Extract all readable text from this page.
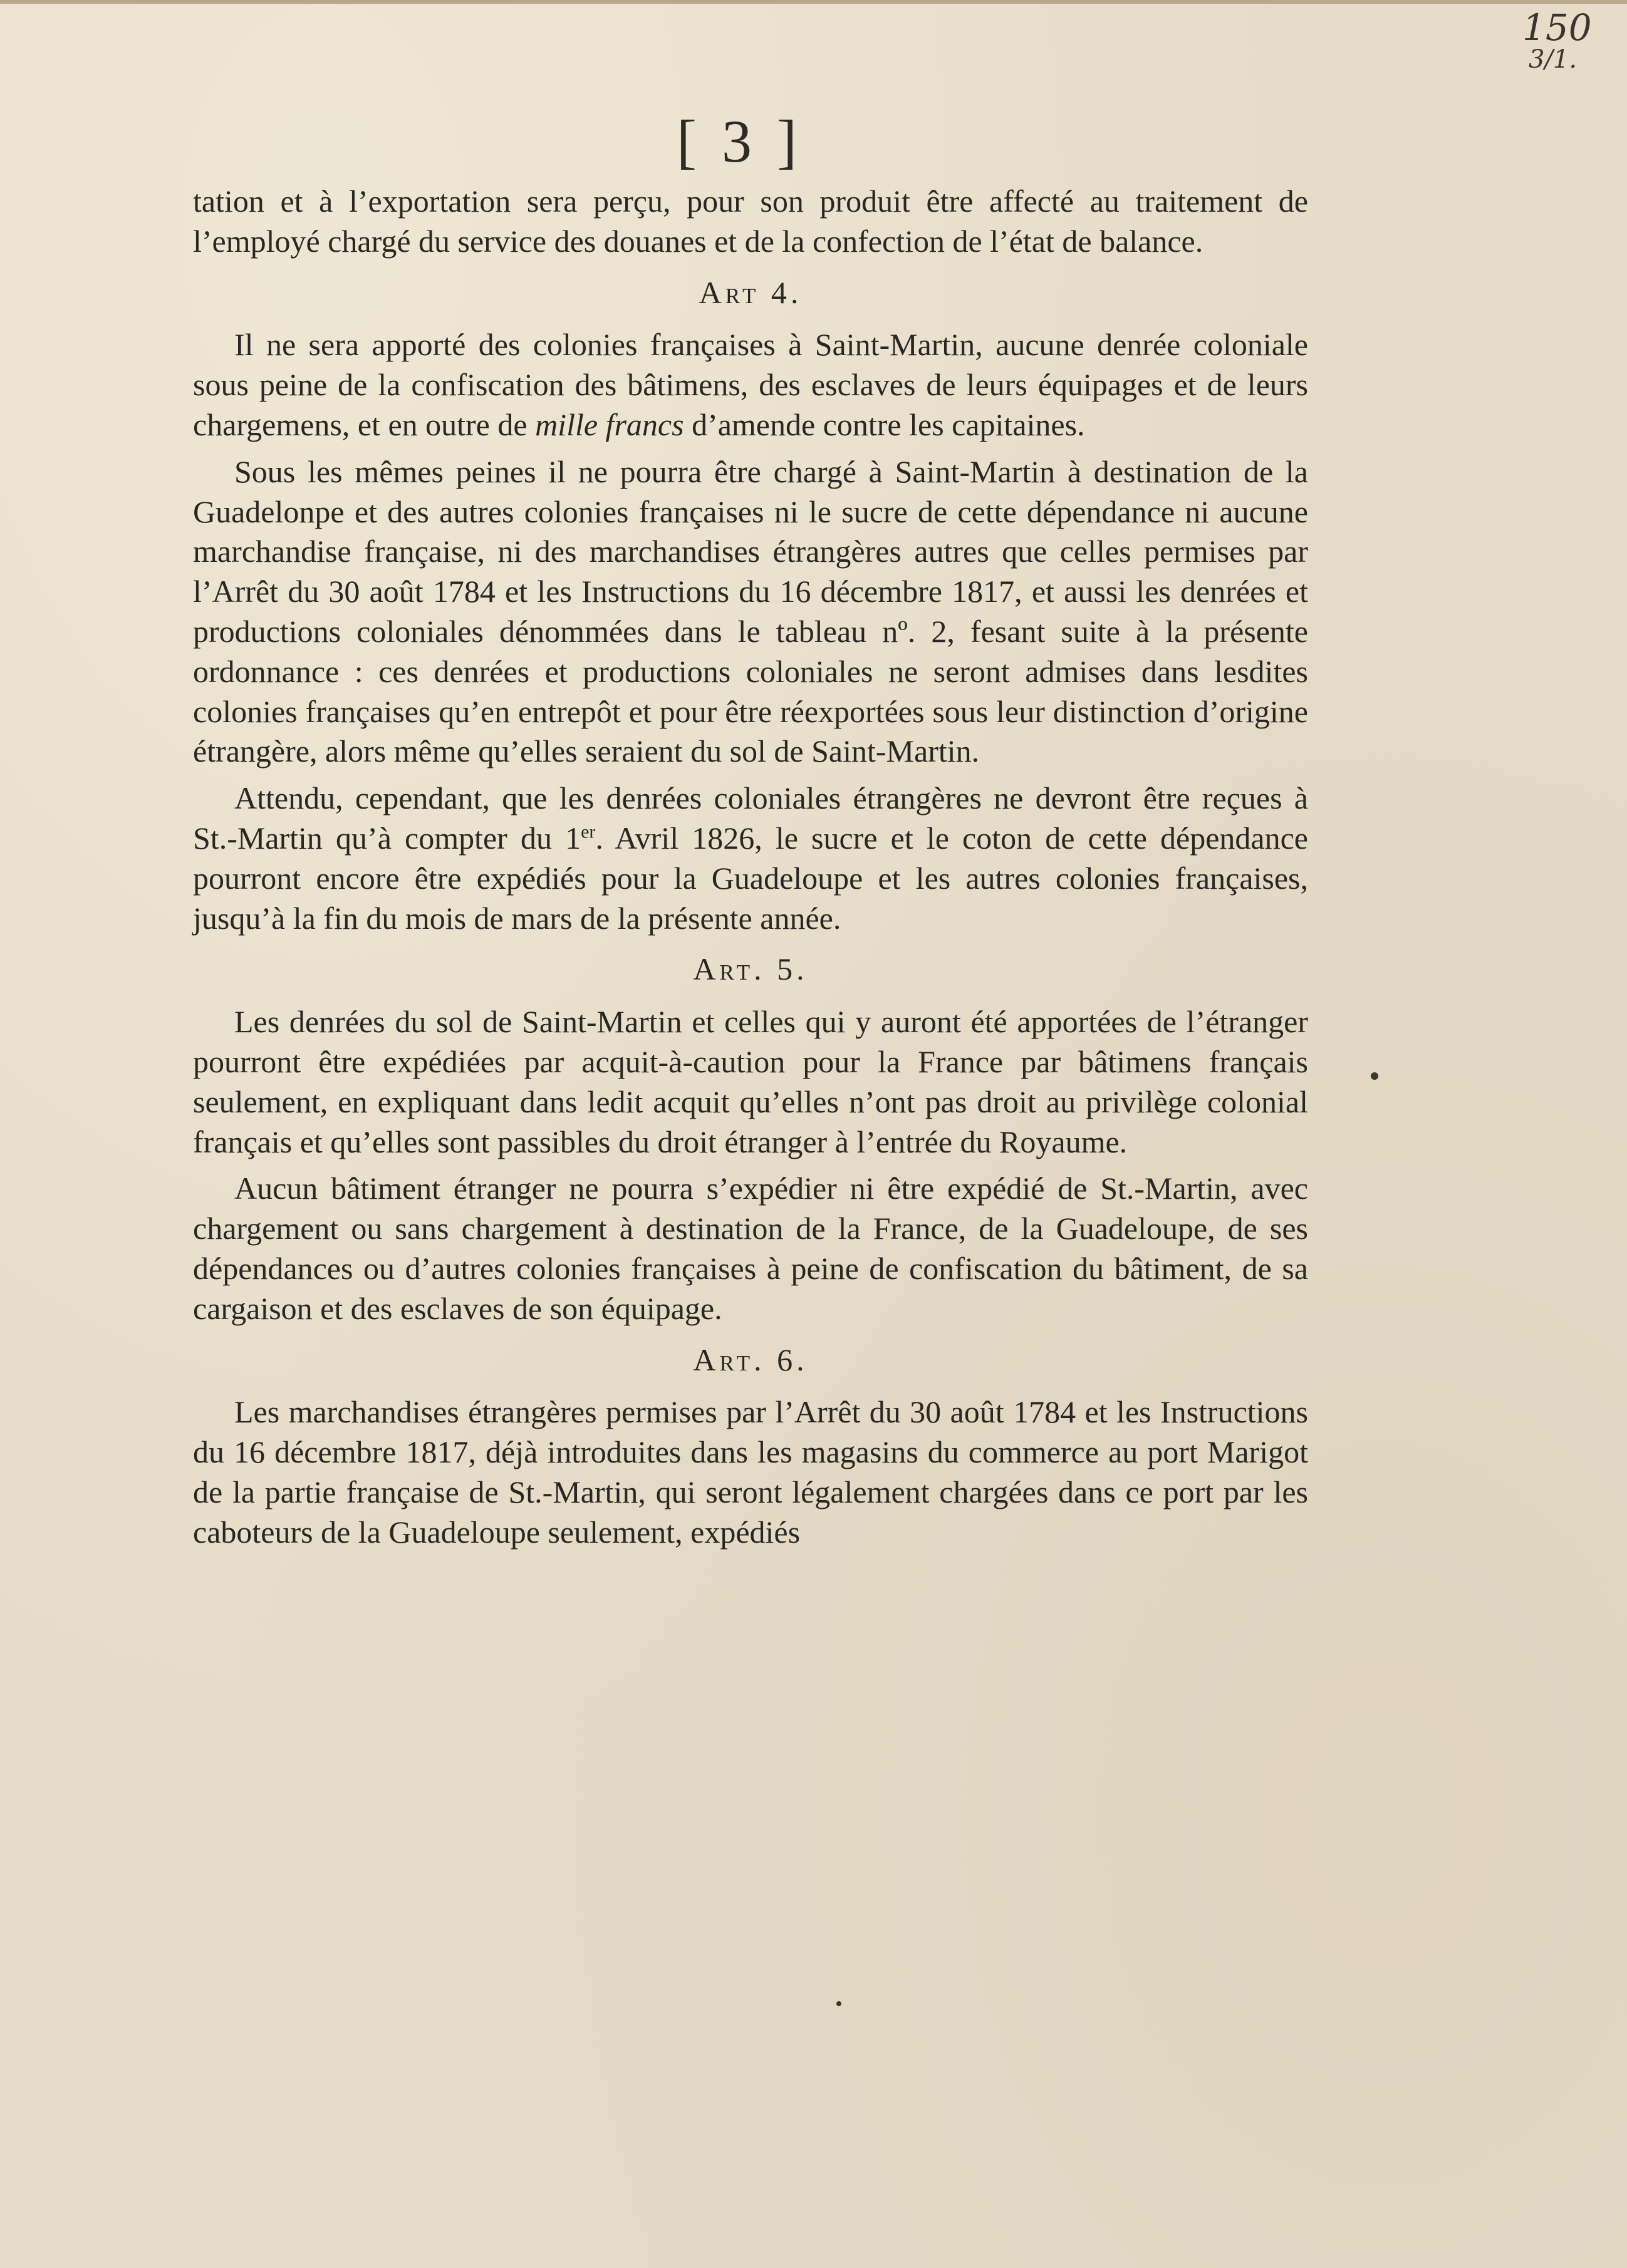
150
3/1.
[ 3 ]

tation et à l’exportation sera perçu, pour son produit être affecté au traitement de l’employé chargé du service des douanes et de la confection de l’état de balance.

Art 4.

Il ne sera apporté des colonies françaises à Saint-Martin, aucune denrée coloniale sous peine de la confiscation des bâtimens, des esclaves de leurs équipages et de leurs chargemens, et en outre de mille francs d’amende contre les capitaines.

Sous les mêmes peines il ne pourra être chargé à Saint-Martin à destination de la Guadelonpe et des autres colonies françaises ni le sucre de cette dépendance ni aucune marchandise française, ni des marchandises étrangères autres que celles permises par l’Arrêt du 30 août 1784 et les Instructions du 16 décembre 1817, et aussi les denrées et productions coloniales dénommées dans le tableau nº. 2, fesant suite à la présente ordonnance : ces denrées et productions coloniales ne seront admises dans lesdites colonies françaises qu’en entrepôt et pour être réexportées sous leur distinction d’origine étrangère, alors même qu’elles seraient du sol de Saint-Martin.

Attendu, cependant, que les denrées coloniales étrangères ne devront être reçues à St.-Martin qu’à compter du 1er. Avril 1826, le sucre et le coton de cette dépendance pourront encore être expédiés pour la Guadeloupe et les autres colonies françaises, jusqu’à la fin du mois de mars de la présente année.

Art. 5.

Les denrées du sol de Saint-Martin et celles qui y auront été apportées de l’étranger pourront être expédiées par acquit-à-caution pour la France par bâtimens français seulement, en expliquant dans ledit acquit qu’elles n’ont pas droit au privilège colonial français et qu’elles sont passibles du droit étranger à l’entrée du Royaume.

Aucun bâtiment étranger ne pourra s’expédier ni être expédié de St.-Martin, avec chargement ou sans chargement à destination de la France, de la Guadeloupe, de ses dépendances ou d’autres colonies françaises à peine de confiscation du bâtiment, de sa cargaison et des esclaves de son équipage.

Art. 6.

Les marchandises étrangères permises par l’Arrêt du 30 août 1784 et les Instructions du 16 décembre 1817, déjà introduites dans les magasins du commerce au port Marigot de la partie française de St.-Martin, qui seront légalement chargées dans ce port par les caboteurs de la Guadeloupe seulement, expédiés
